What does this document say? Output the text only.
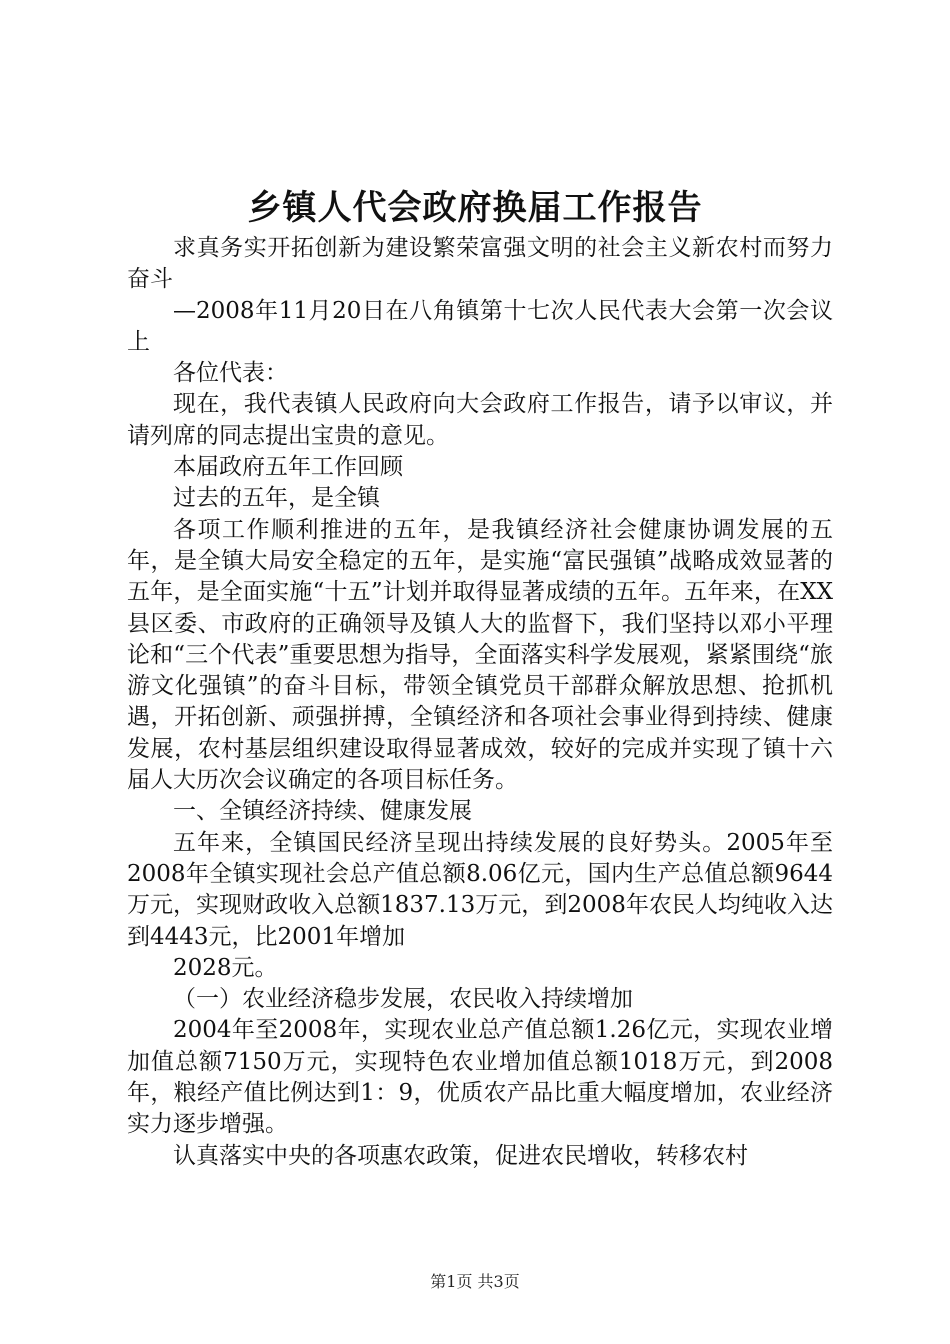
乡镇人代会政府换届工作报告

求真务实开拓创新为建设繁荣富强文明的社会主义新农村而努力奋斗

—2008年11月20日在八角镇第十七次人民代表大会第一次会议上

各位代表：

现在，我代表镇人民政府向大会政府工作报告，请予以审议，并请列席的同志提出宝贵的意见。

本届政府五年工作回顾

过去的五年，是全镇

各项工作顺利推进的五年，是我镇经济社会健康协调发展的五年，是全镇大局安全稳定的五年，是实施“富民强镇”战略成效显著的五年，是全面实施“十五”计划并取得显著成绩的五年。五年来，在XX县区委、市政府的正确领导及镇人大的监督下，我们坚持以邓小平理论和“三个代表”重要思想为指导，全面落实科学发展观，紧紧围绕“旅游文化强镇”的奋斗目标，带领全镇党员干部群众解放思想、抢抓机遇，开拓创新、顽强拼搏，全镇经济和各项社会事业得到持续、健康发展，农村基层组织建设取得显著成效，较好的完成并实现了镇十六届人大历次会议确定的各项目标任务。

一、全镇经济持续、健康发展

五年来，全镇国民经济呈现出持续发展的良好势头。2005年至2008年全镇实现社会总产值总额8.06亿元，国内生产总值总额9644万元，实现财政收入总额1837.13万元，到2008年农民人均纯收入达到4443元，比2001年增加

2028元。

（一）农业经济稳步发展，农民收入持续增加

2004年至2008年，实现农业总产值总额1.26亿元，实现农业增加值总额7150万元，实现特色农业增加值总额1018万元，到2008年，粮经产值比例达到1：9，优质农产品比重大幅度增加，农业经济实力逐步增强。

认真落实中央的各项惠农政策，促进农民增收，转移农村

第1页 共3页
